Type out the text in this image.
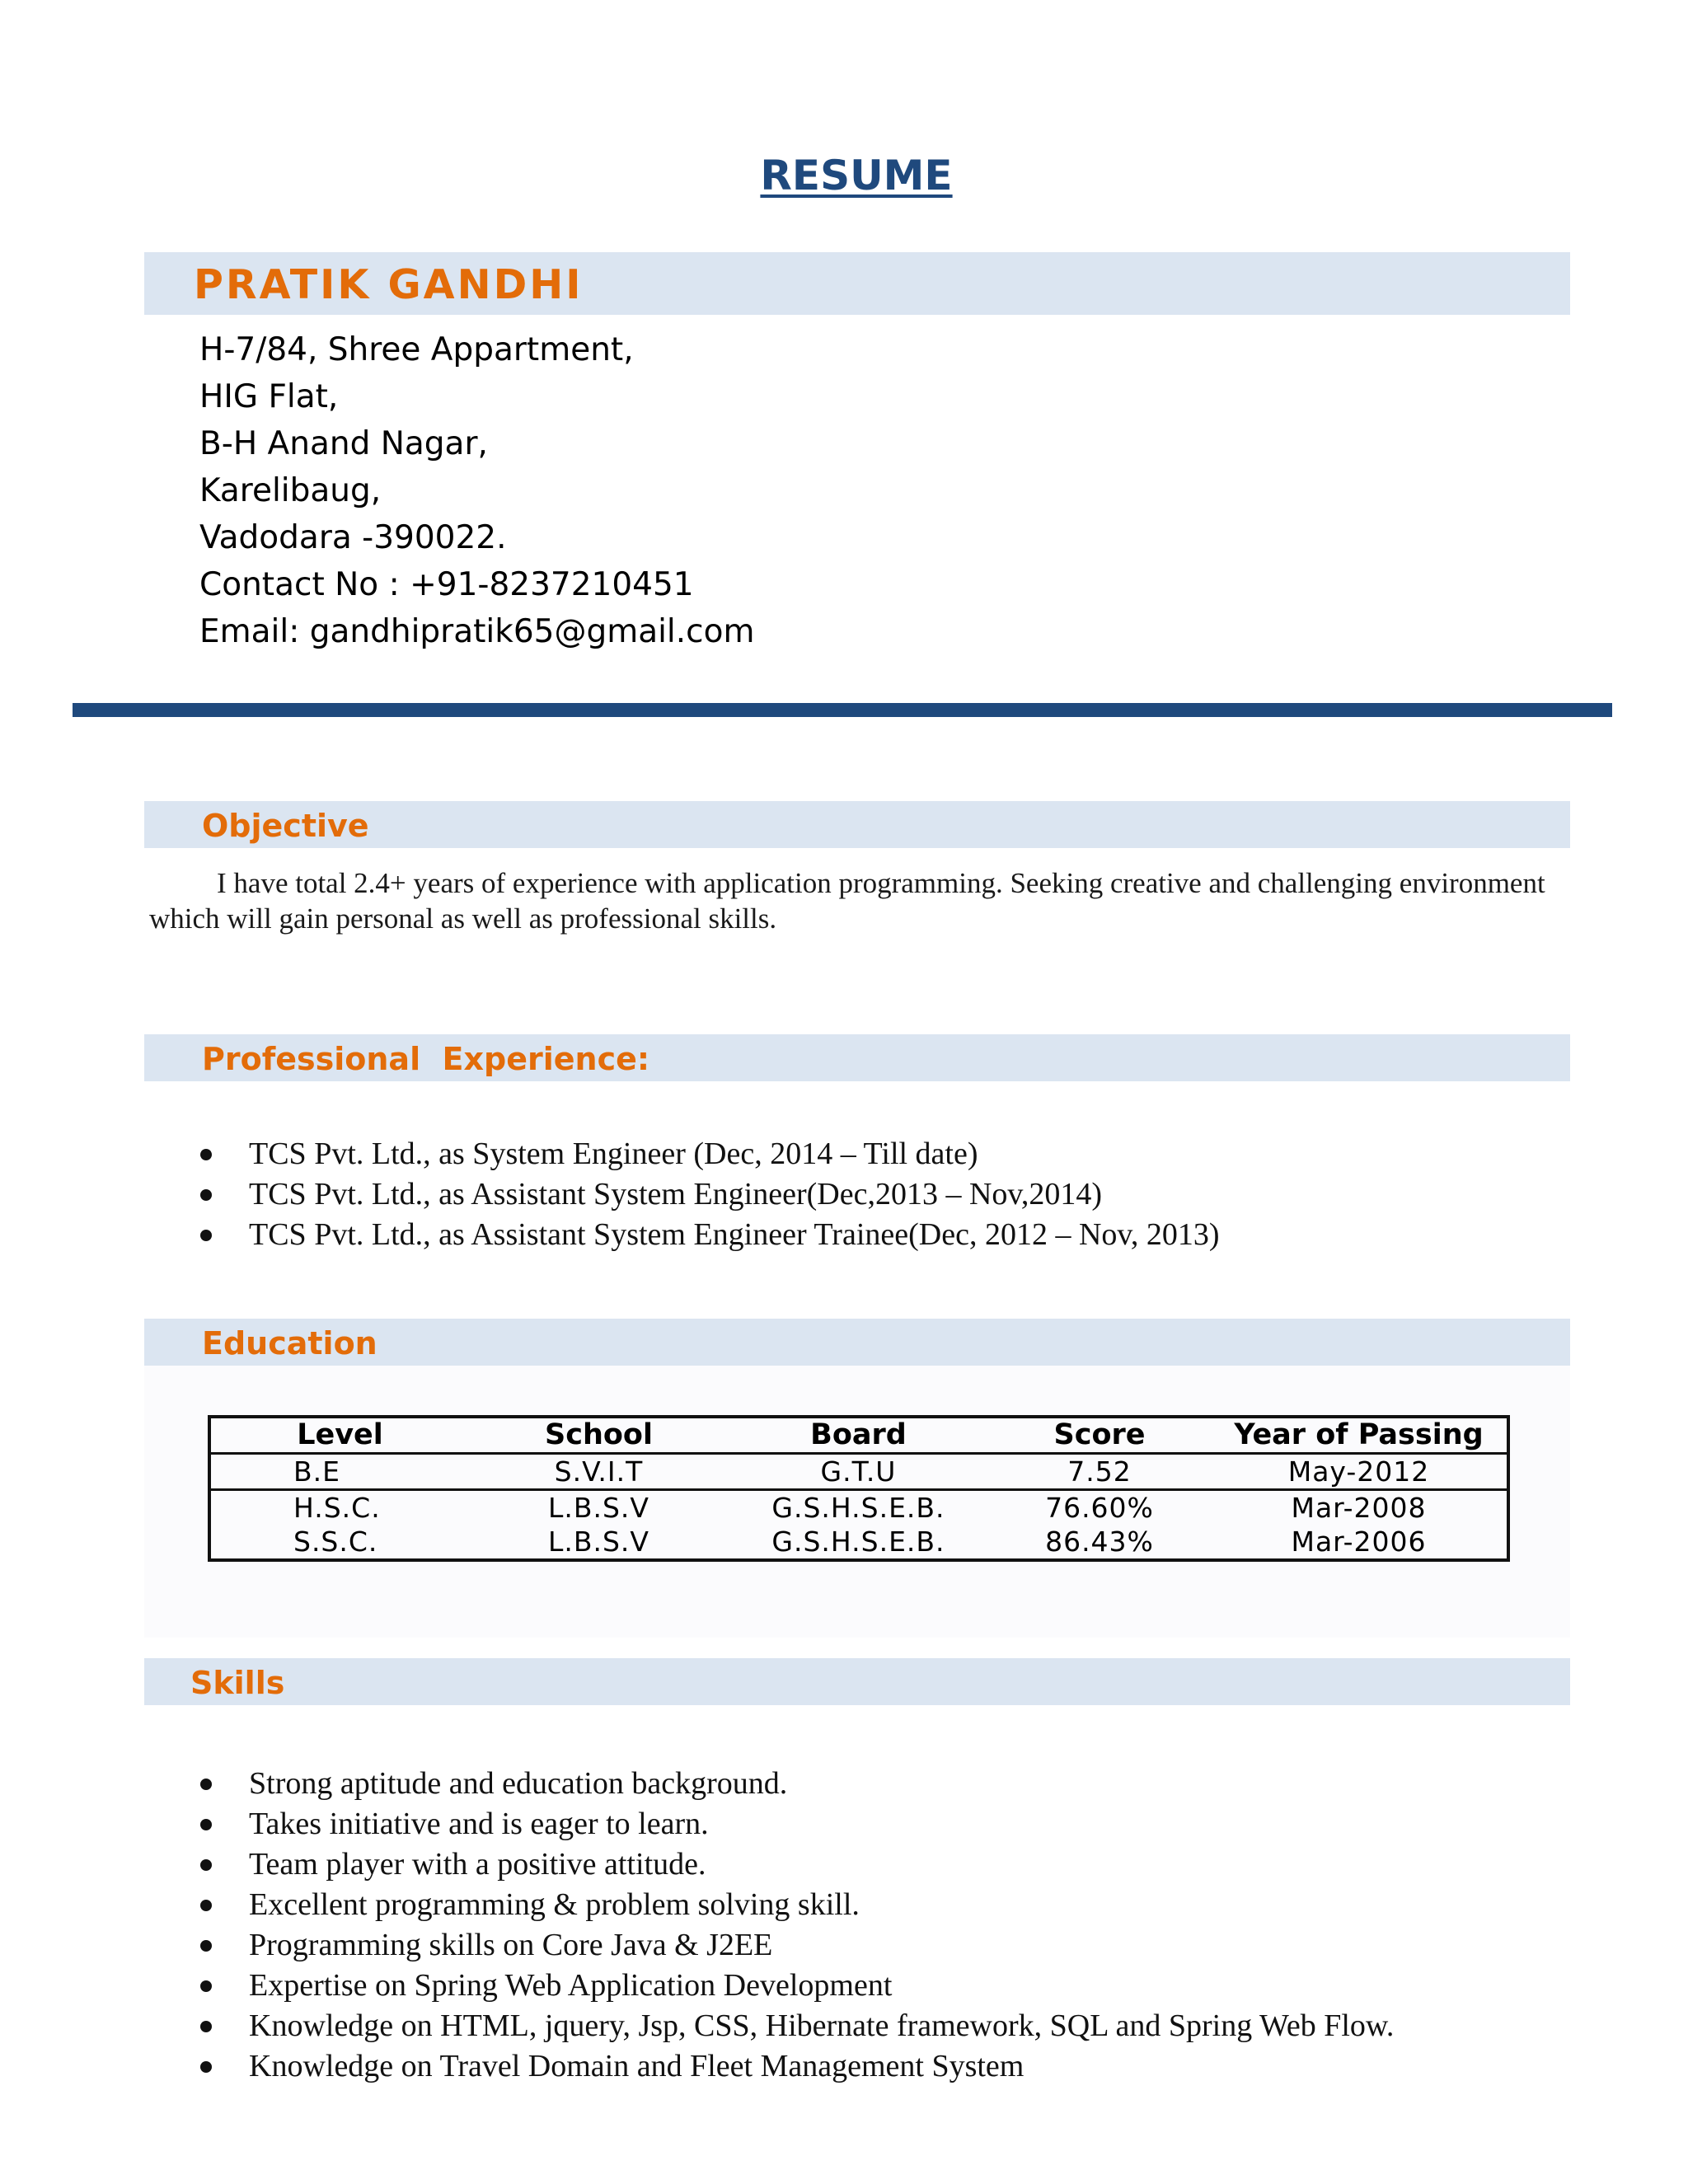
RESUME
PRATIK GANDHI
H-7/84, Shree Appartment,
HIG Flat,
B-H Anand Nagar,
Karelibaug,
Vadodara -390022.
Contact No : +91-8237210451
Email: gandhipratik65@gmail.com
Objective
I have total 2.4+ years of experience with application programming. Seeking creative and challenging environment which will gain personal as well as professional skills.
Professional  Experience:
TCS Pvt. Ltd., as System Engineer (Dec, 2014 – Till date)
TCS Pvt. Ltd., as Assistant System Engineer(Dec,2013 – Nov,2014)
TCS Pvt. Ltd., as Assistant System Engineer Trainee(Dec, 2012 – Nov, 2013)
Education
Level	School	Board	Score	Year of Passing
B.E	S.V.I.T	G.T.U	7.52	May-2012
H.S.C.	L.B.S.V	G.S.H.S.E.B.	76.60%	Mar-2008
S.S.C.	L.B.S.V	G.S.H.S.E.B.	86.43%	Mar-2006
Skills
Strong aptitude and education background.
Takes initiative and is eager to learn.
Team player with a positive attitude.
Excellent programming & problem solving skill.
Programming skills on Core Java & J2EE
Expertise on Spring Web Application Development
Knowledge on HTML, jquery, Jsp, CSS, Hibernate framework, SQL and Spring Web Flow.
Knowledge on Travel Domain and Fleet Management System
